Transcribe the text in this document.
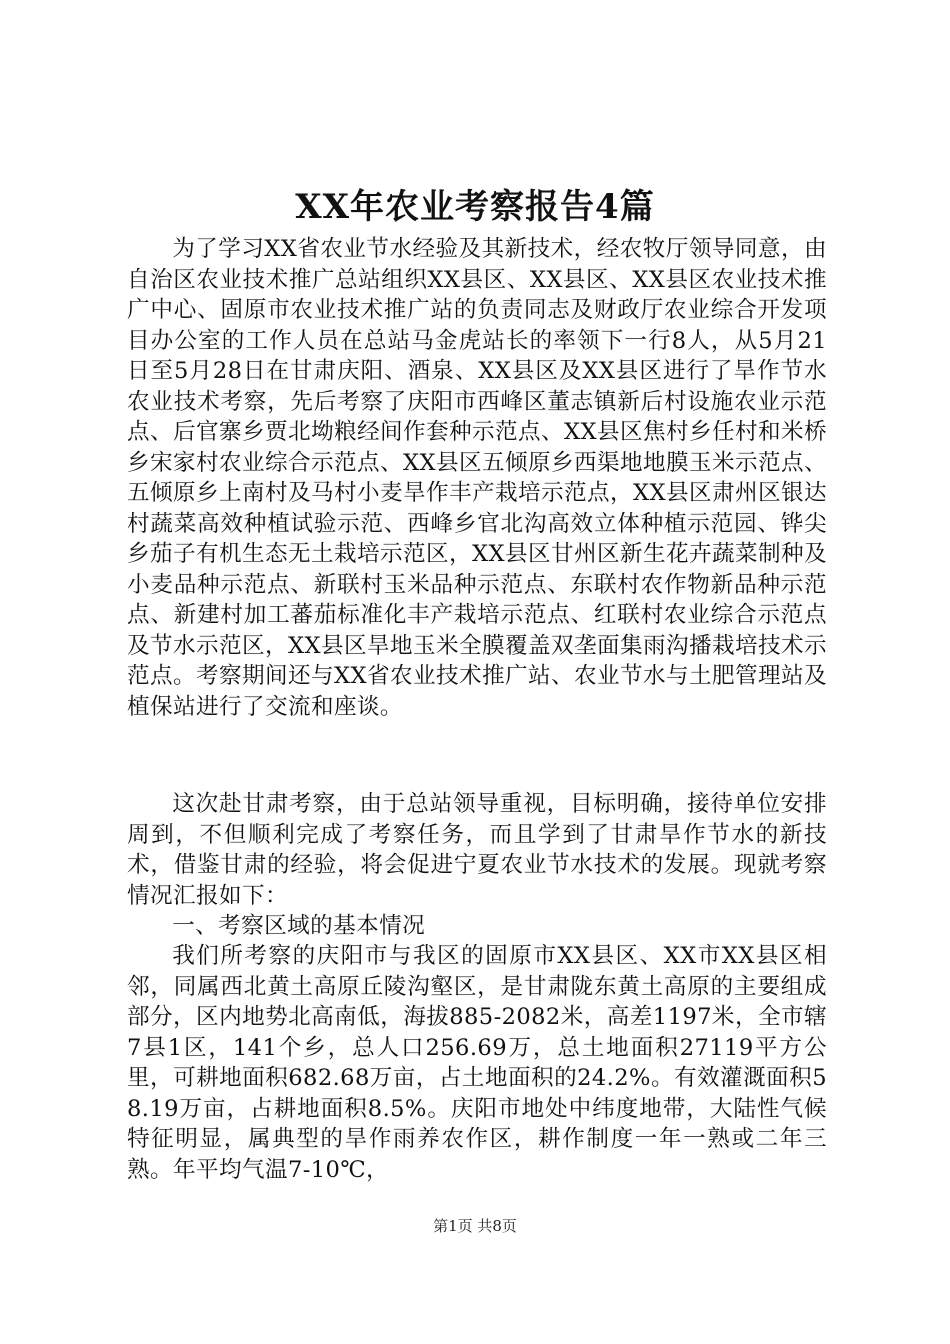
XX年农业考察报告4篇

为了学习XX省农业节水经验及其新技术，经农牧厅领导同意，由自治区农业技术推广总站组织XX县区、XX县区、XX县区农业技术推广中心、固原市农业技术推广站的负责同志及财政厅农业综合开发项目办公室的工作人员在总站马金虎站长的率领下一行8人，从5月21日至5月28日在甘肃庆阳、酒泉、XX县区及XX县区进行了旱作节水农业技术考察，先后考察了庆阳市西峰区董志镇新后村设施农业示范点、后官寨乡贾北坳粮经间作套种示范点、XX县区焦村乡任村和米桥乡宋家村农业综合示范点、XX县区五倾原乡西渠地地膜玉米示范点、五倾原乡上南村及马村小麦旱作丰产栽培示范点，XX县区肃州区银达村蔬菜高效种植试验示范、西峰乡官北沟高效立体种植示范园、铧尖乡茄子有机生态无土栽培示范区，XX县区甘州区新生花卉蔬菜制种及小麦品种示范点、新联村玉米品种示范点、东联村农作物新品种示范点、新建村加工蕃茄标准化丰产栽培示范点、红联村农业综合示范点及节水示范区，XX县区旱地玉米全膜覆盖双垄面集雨沟播栽培技术示范点。考察期间还与XX省农业技术推广站、农业节水与土肥管理站及植保站进行了交流和座谈。

这次赴甘肃考察，由于总站领导重视，目标明确，接待单位安排周到，不但顺利完成了考察任务，而且学到了甘肃旱作节水的新技术，借鉴甘肃的经验，将会促进宁夏农业节水技术的发展。现就考察情况汇报如下：

一、考察区域的基本情况

我们所考察的庆阳市与我区的固原市XX县区、XX市XX县区相邻，同属西北黄土高原丘陵沟壑区，是甘肃陇东黄土高原的主要组成部分，区内地势北高南低，海拔885-2082米，高差1197米，全市辖7县1区，141个乡，总人口256.69万，总土地面积27119平方公里，可耕地面积682.68万亩，占土地面积的24.2%。有效灌溉面积58.19万亩，占耕地面积8.5%。庆阳市地处中纬度地带，大陆性气候特征明显，属典型的旱作雨养农作区，耕作制度一年一熟或二年三熟。年平均气温7-10℃，

第1页 共8页
